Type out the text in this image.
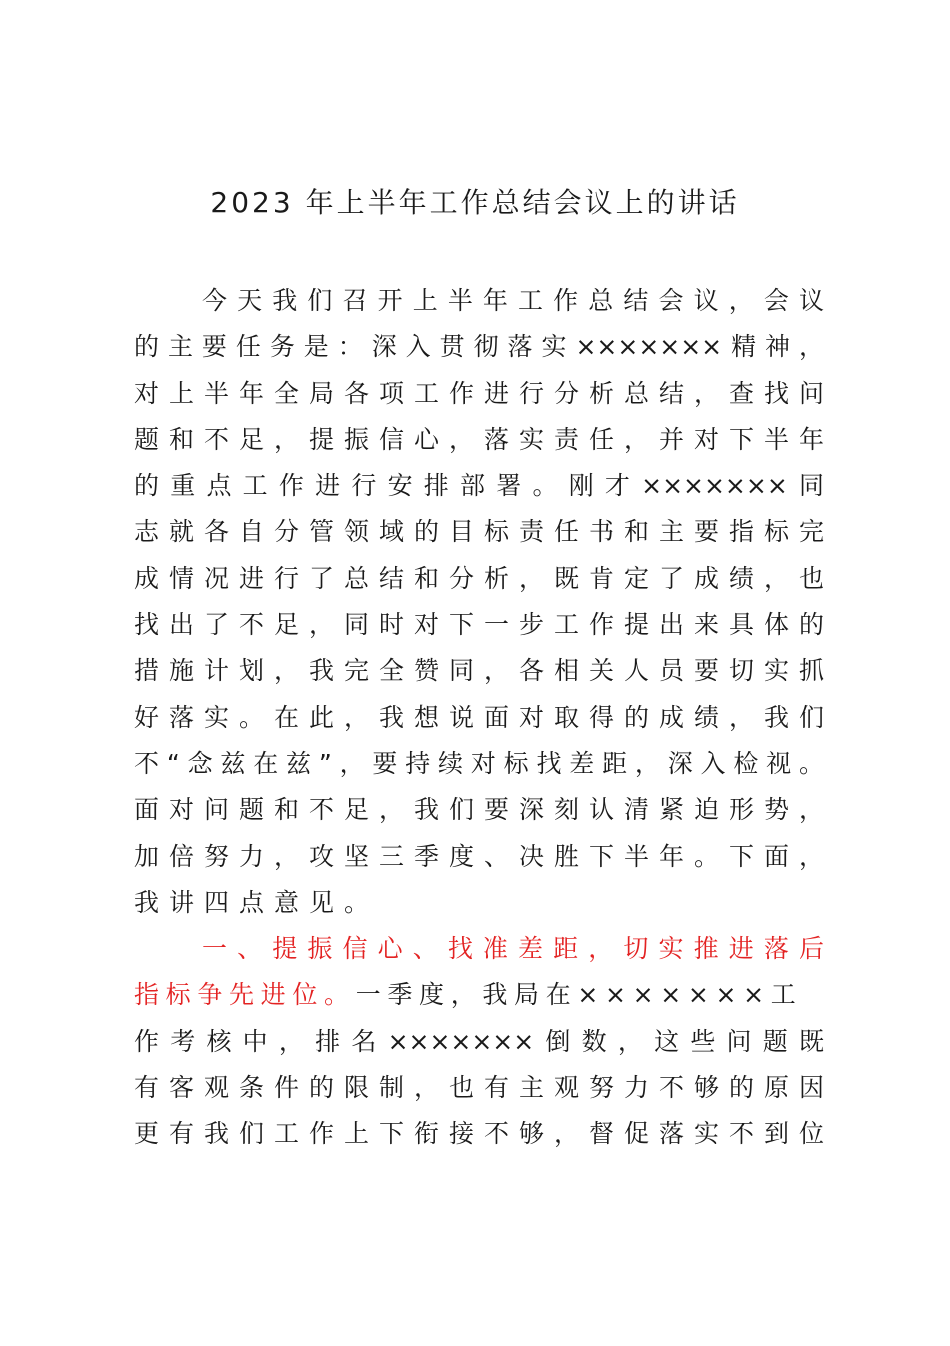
2023 年上半年工作总结会议上的讲话
今天我们召开上半年工作总结会议，会议
的主要任务是：深入贯彻落实×××××××精神，
对上半年全局各项工作进行分析总结，查找问
题和不足，提振信心，落实责任，并对下半年
的重点工作进行安排部署。刚才×××××××同
志就各自分管领域的目标责任书和主要指标完
成情况进行了总结和分析，既肯定了成绩，也
找出了不足，同时对下一步工作提出来具体的
措施计划，我完全赞同，各相关人员要切实抓
好落实。在此，我想说面对取得的成绩，我们
不“念兹在兹”，要持续对标找差距，深入检视。
面对问题和不足，我们要深刻认清紧迫形势，
加倍努力，攻坚三季度、决胜下半年。下面，
我讲四点意见。
一、提振信心、找准差距，切实推进落后
指标争先进位。一季度，我局在×××××××工
作考核中，排名×××××××倒数，这些问题既
有客观条件的限制，也有主观努力不够的原因
更有我们工作上下衔接不够，督促落实不到位
